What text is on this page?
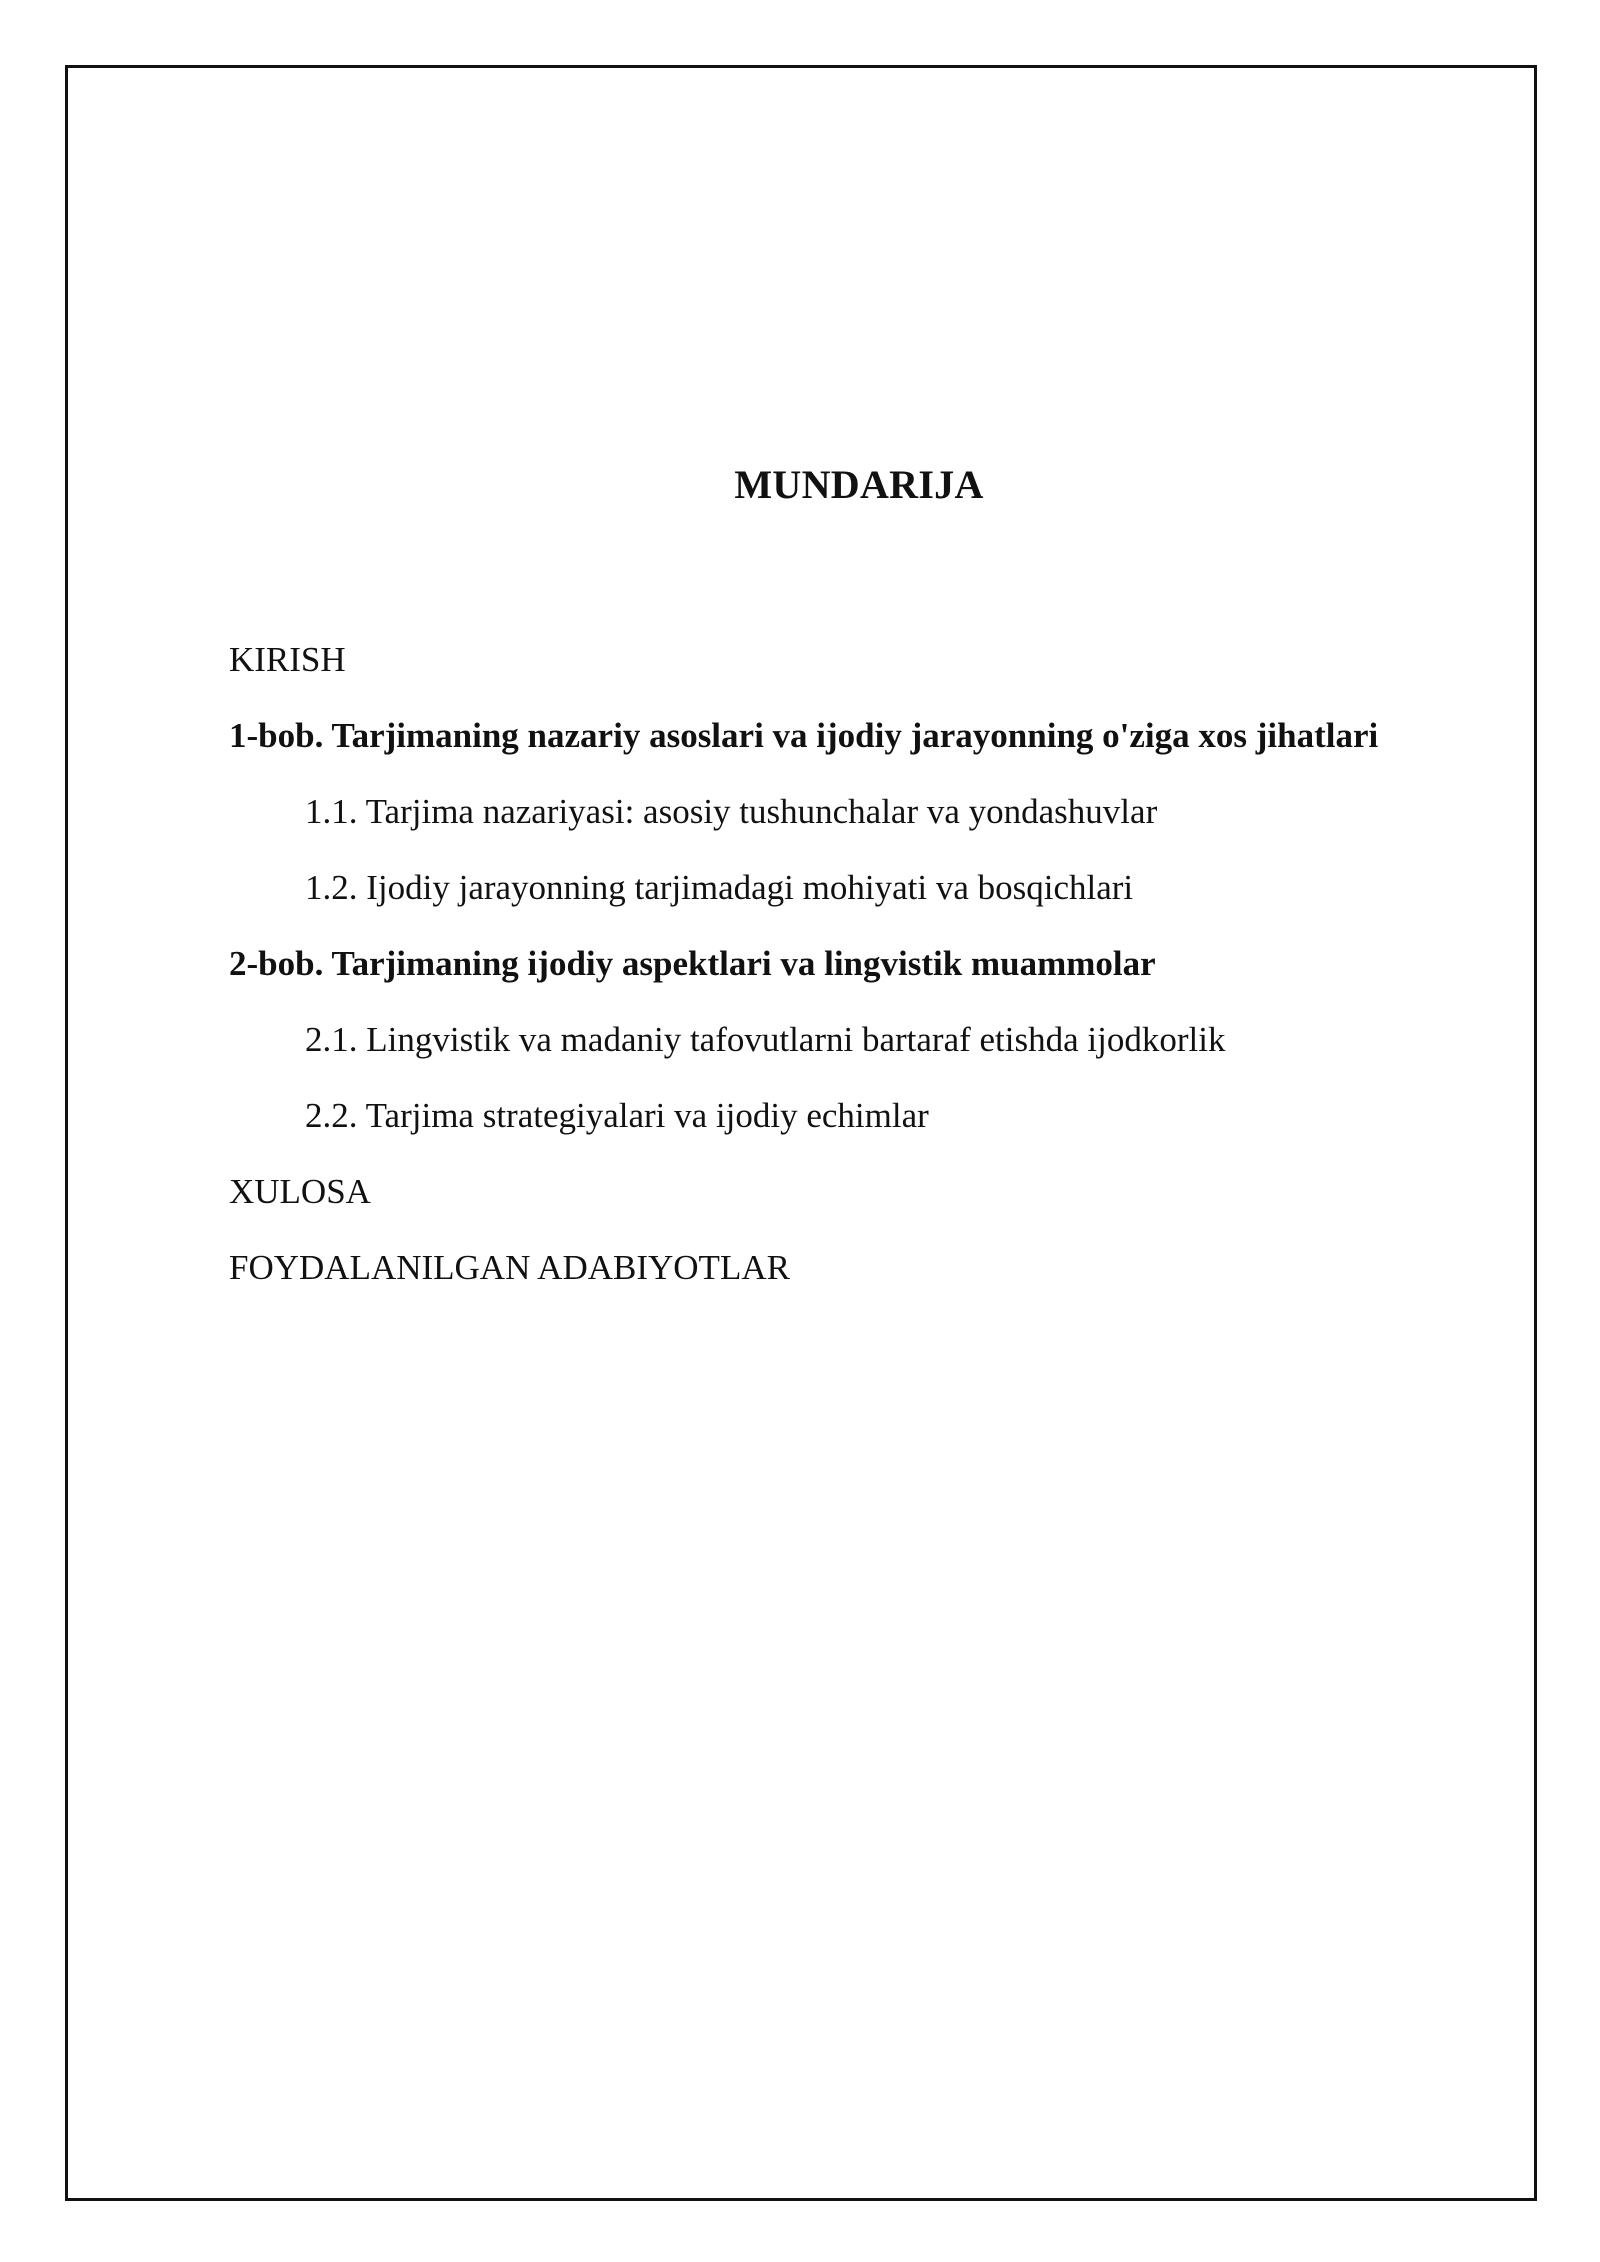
MUNDARIJA
KIRISH
1-bob. Tarjimaning nazariy asoslari va ijodiy jarayonning o'ziga xos jihatlari
1.1. Tarjima nazariyasi: asosiy tushunchalar va yondashuvlar
1.2. Ijodiy jarayonning tarjimadagi mohiyati va bosqichlari
2-bob. Tarjimaning ijodiy aspektlari va lingvistik muammolar
2.1. Lingvistik va madaniy tafovutlarni bartaraf etishda ijodkorlik
2.2. Tarjima strategiyalari va ijodiy echimlar
XULOSA
FOYDALANILGAN ADABIYOTLAR
